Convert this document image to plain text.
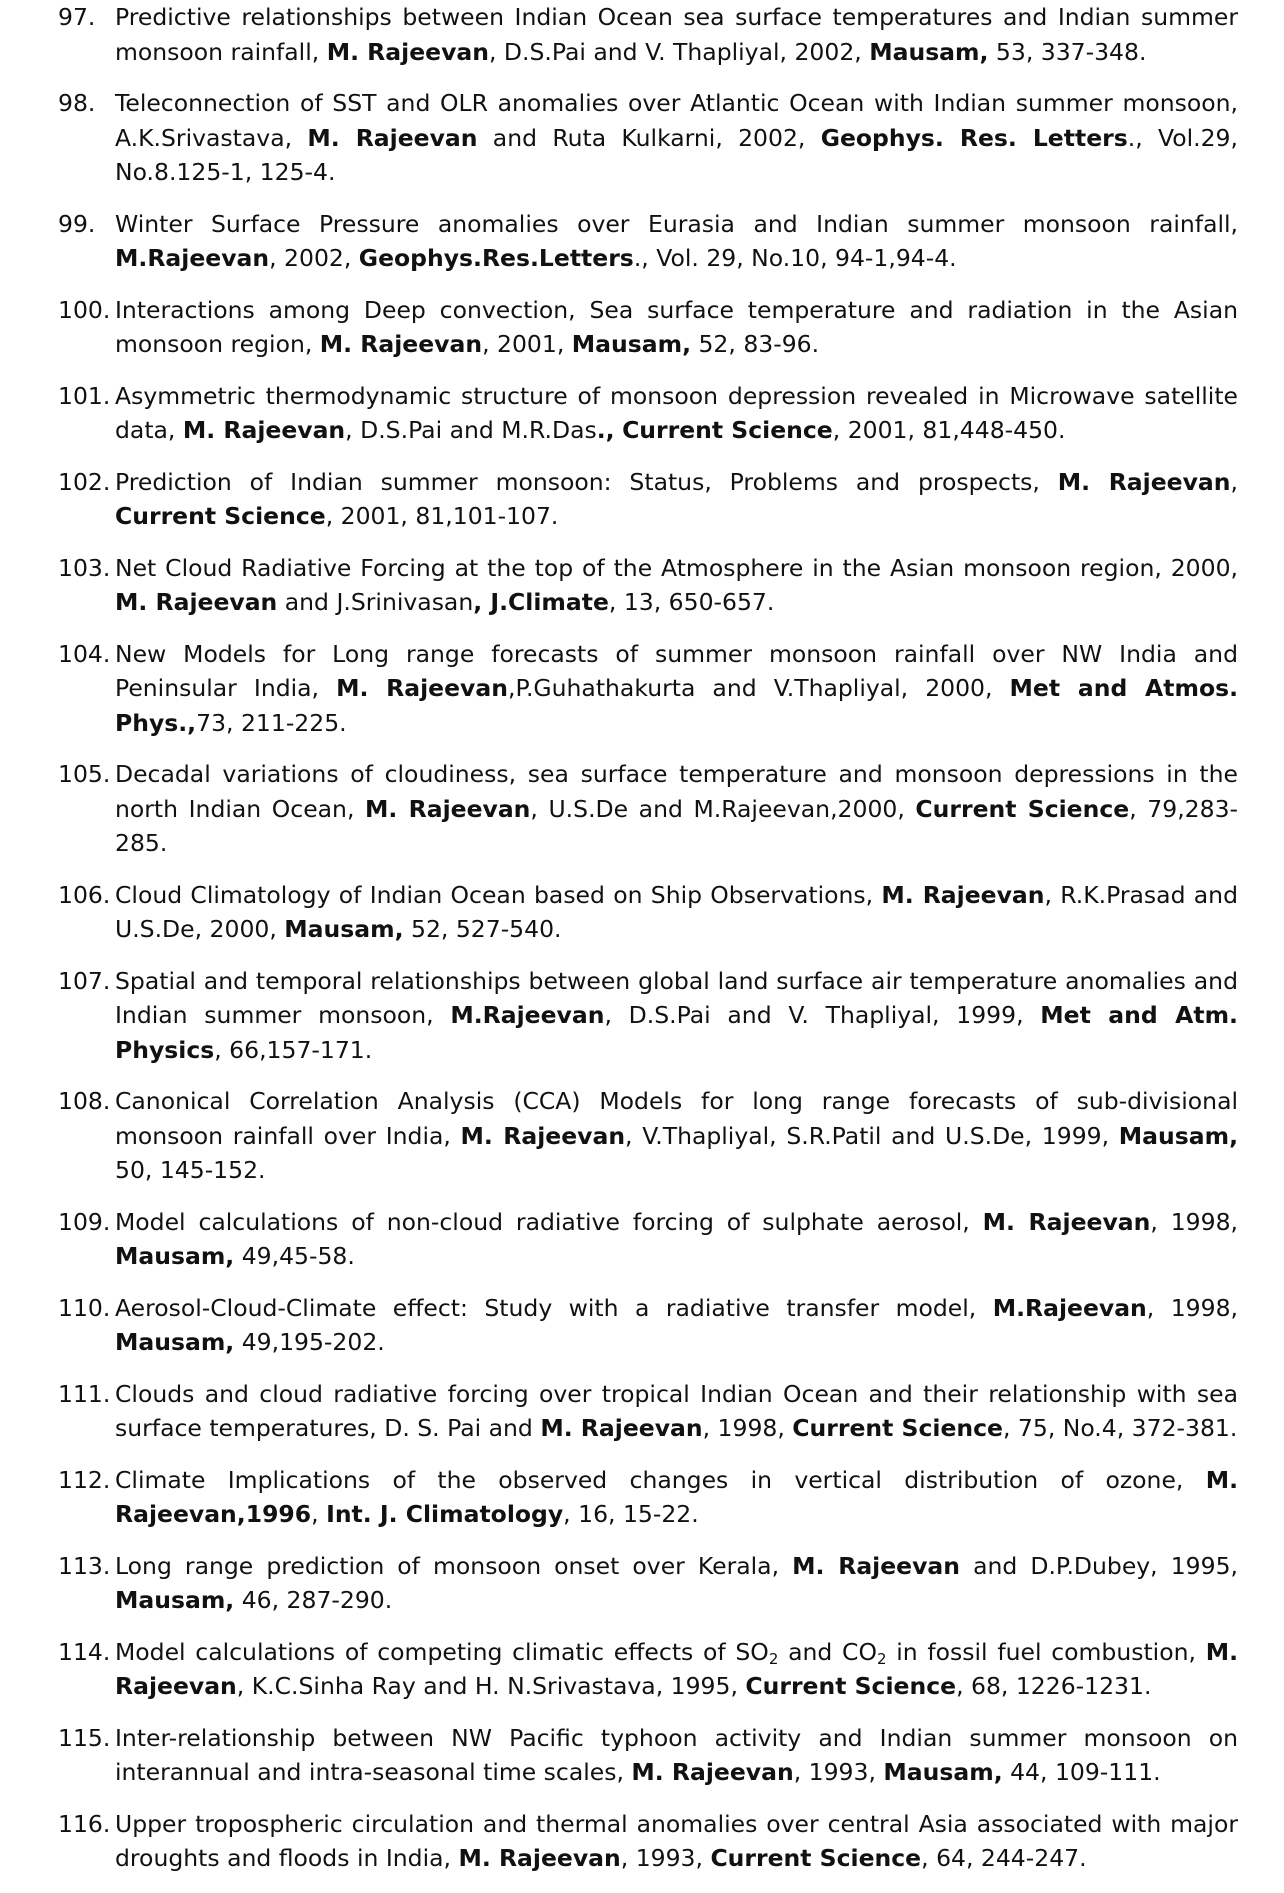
97. Predictive relationships between Indian Ocean sea surface temperatures and Indian summer monsoon rainfall, M. Rajeevan, D.S.Pai and V. Thapliyal, 2002, Mausam, 53, 337-348.
98. Teleconnection of SST and OLR anomalies over Atlantic Ocean with Indian summer monsoon, A.K.Srivastava, M. Rajeevan and Ruta Kulkarni, 2002, Geophys. Res. Letters., Vol.29, No.8.125-1, 125-4.
99. Winter Surface Pressure anomalies over Eurasia and Indian summer monsoon rainfall, M.Rajeevan, 2002, Geophys.Res.Letters., Vol. 29, No.10, 94-1,94-4.
100. Interactions among Deep convection, Sea surface temperature and radiation in the Asian monsoon region, M. Rajeevan, 2001, Mausam, 52, 83-96.
101. Asymmetric thermodynamic structure of monsoon depression revealed in Microwave satellite data, M. Rajeevan, D.S.Pai and M.R.Das., Current Science, 2001, 81,448-450.
102. Prediction of Indian summer monsoon: Status, Problems and prospects, M. Rajeevan, Current Science, 2001, 81,101-107.
103. Net Cloud Radiative Forcing at the top of the Atmosphere in the Asian monsoon region, 2000, M. Rajeevan and J.Srinivasan, J.Climate, 13, 650-657.
104. New Models for Long range forecasts of summer monsoon rainfall over NW India and Peninsular India, M. Rajeevan,P.Guhathakurta and V.Thapliyal, 2000, Met and Atmos. Phys.,73, 211-225.
105. Decadal variations of cloudiness, sea surface temperature and monsoon depressions in the north Indian Ocean, M. Rajeevan, U.S.De and M.Rajeevan,2000, Current Science, 79,283-285.
106. Cloud Climatology of Indian Ocean based on Ship Observations, M. Rajeevan, R.K.Prasad and U.S.De, 2000, Mausam, 52, 527-540.
107. Spatial and temporal relationships between global land surface air temperature anomalies and Indian summer monsoon, M.Rajeevan, D.S.Pai and V. Thapliyal, 1999, Met and Atm. Physics, 66,157-171.
108. Canonical Correlation Analysis (CCA) Models for long range forecasts of sub-divisional monsoon rainfall over India, M. Rajeevan, V.Thapliyal, S.R.Patil and U.S.De, 1999, Mausam, 50, 145-152.
109. Model calculations of non-cloud radiative forcing of sulphate aerosol, M. Rajeevan, 1998, Mausam, 49,45-58.
110. Aerosol-Cloud-Climate effect: Study with a radiative transfer model, M.Rajeevan, 1998, Mausam, 49,195-202.
111. Clouds and cloud radiative forcing over tropical Indian Ocean and their relationship with sea surface temperatures, D. S. Pai and M. Rajeevan, 1998, Current Science, 75, No.4, 372-381.
112. Climate Implications of the observed changes in vertical distribution of ozone, M. Rajeevan,1996, Int. J. Climatology, 16, 15-22.
113. Long range prediction of monsoon onset over Kerala, M. Rajeevan and D.P.Dubey, 1995, Mausam, 46, 287-290.
114. Model calculations of competing climatic effects of $SO_2$ and $CO_2$ in fossil fuel combustion, M. Rajeevan, K.C.Sinha Ray and H. N.Srivastava, 1995, Current Science, 68, 1226-1231.
115. Inter-relationship between NW Pacific typhoon activity and Indian summer monsoon on interannual and intra-seasonal time scales, M. Rajeevan, 1993, Mausam, 44, 109-111.
116. Upper tropospheric circulation and thermal anomalies over central Asia associated with major droughts and floods in India, M. Rajeevan, 1993, Current Science, 64, 244-247.
